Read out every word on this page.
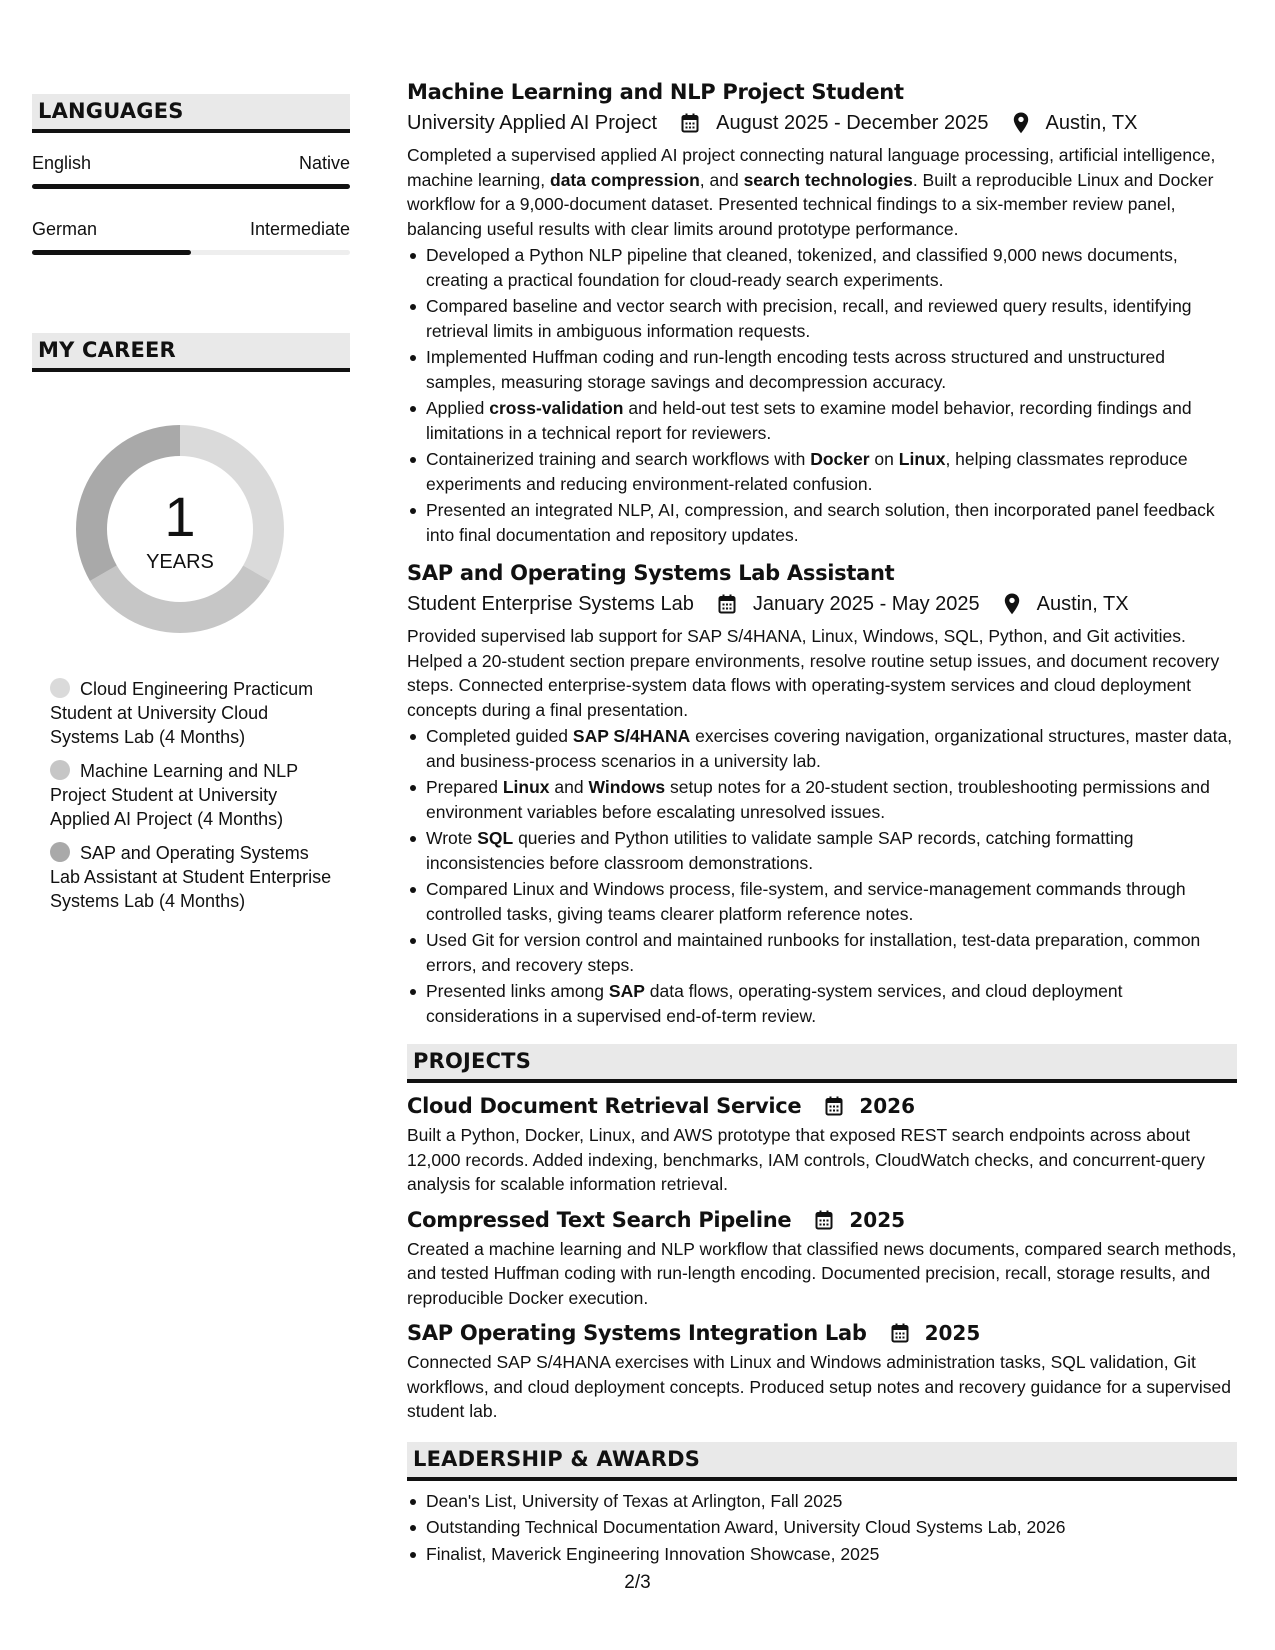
LANGUAGES
English	Native
German	Intermediate
MY CAREER
1
YEARS
Cloud Engineering Practicum Student at University Cloud Systems Lab (4 Months)
Machine Learning and NLP Project Student at University Applied AI Project (4 Months)
SAP and Operating Systems Lab Assistant at Student Enterprise Systems Lab (4 Months)
Machine Learning and NLP Project Student
University Applied AI Project	August 2025 - December 2025	Austin, TX
Completed a supervised applied AI project connecting natural language processing, artificial intelligence, machine learning, data compression, and search technologies. Built a reproducible Linux and Docker workflow for a 9,000-document dataset. Presented technical findings to a six-member review panel, balancing useful results with clear limits around prototype performance.
Developed a Python NLP pipeline that cleaned, tokenized, and classified 9,000 news documents, creating a practical foundation for cloud-ready search experiments.
Compared baseline and vector search with precision, recall, and reviewed query results, identifying retrieval limits in ambiguous information requests.
Implemented Huffman coding and run-length encoding tests across structured and unstructured samples, measuring storage savings and decompression accuracy.
Applied cross-validation and held-out test sets to examine model behavior, recording findings and limitations in a technical report for reviewers.
Containerized training and search workflows with Docker on Linux, helping classmates reproduce experiments and reducing environment-related confusion.
Presented an integrated NLP, AI, compression, and search solution, then incorporated panel feedback into final documentation and repository updates.
SAP and Operating Systems Lab Assistant
Student Enterprise Systems Lab	January 2025 - May 2025	Austin, TX
Provided supervised lab support for SAP S/4HANA, Linux, Windows, SQL, Python, and Git activities. Helped a 20-student section prepare environments, resolve routine setup issues, and document recovery steps. Connected enterprise-system data flows with operating-system services and cloud deployment concepts during a final presentation.
Completed guided SAP S/4HANA exercises covering navigation, organizational structures, master data, and business-process scenarios in a university lab.
Prepared Linux and Windows setup notes for a 20-student section, troubleshooting permissions and environment variables before escalating unresolved issues.
Wrote SQL queries and Python utilities to validate sample SAP records, catching formatting inconsistencies before classroom demonstrations.
Compared Linux and Windows process, file-system, and service-management commands through controlled tasks, giving teams clearer platform reference notes.
Used Git for version control and maintained runbooks for installation, test-data preparation, common errors, and recovery steps.
Presented links among SAP data flows, operating-system services, and cloud deployment considerations in a supervised end-of-term review.
PROJECTS
Cloud Document Retrieval Service	2026
Built a Python, Docker, Linux, and AWS prototype that exposed REST search endpoints across about 12,000 records. Added indexing, benchmarks, IAM controls, CloudWatch checks, and concurrent-query analysis for scalable information retrieval.
Compressed Text Search Pipeline	2025
Created a machine learning and NLP workflow that classified news documents, compared search methods, and tested Huffman coding with run-length encoding. Documented precision, recall, storage results, and reproducible Docker execution.
SAP Operating Systems Integration Lab	2025
Connected SAP S/4HANA exercises with Linux and Windows administration tasks, SQL validation, Git workflows, and cloud deployment concepts. Produced setup notes and recovery guidance for a supervised student lab.
LEADERSHIP & AWARDS
Dean's List, University of Texas at Arlington, Fall 2025
Outstanding Technical Documentation Award, University Cloud Systems Lab, 2026
Finalist, Maverick Engineering Innovation Showcase, 2025
2/3
